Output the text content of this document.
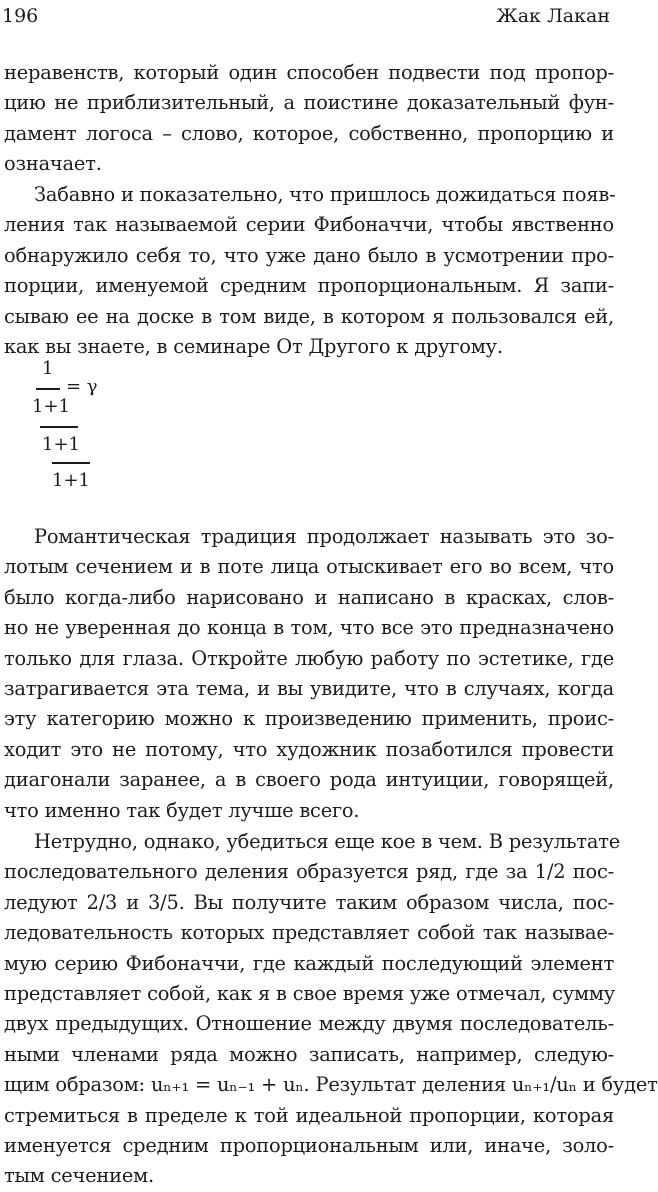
196	Жак Лакан
неравенств, который один способен подвести под пропор-
цию не приблизительный, а поистине доказательный фун-
дамент логоса – слово, которое, собственно, пропорцию и
означает.
Забавно и показательно, что пришлось дожидаться появ-
ления так называемой серии Фибоначчи, чтобы явственно
обнаружило себя то, что уже дано было в усмотрении про-
порции, именуемой средним пропорциональным. Я запи-
сываю ее на доске в том виде, в котором я пользовался ей,
как вы знаете, в семинаре От Другого к другому.
1
= γ
1+1
1+1
1+1
Романтическая традиция продолжает называть это зо-
лотым сечением и в поте лица отыскивает его во всем, что
было когда-либо нарисовано и написано в красках, слов-
но не уверенная до конца в том, что все это предназначено
только для глаза. Откройте любую работу по эстетике, где
затрагивается эта тема, и вы увидите, что в случаях, когда
эту категорию можно к произведению применить, проис-
ходит это не потому, что художник позаботился провести
диагонали заранее, а в своего рода интуиции, говорящей,
что именно так будет лучше всего.
Нетрудно, однако, убедиться еще кое в чем. В результате
последовательного деления образуется ряд, где за 1/2 пос-
ледуют 2/3 и 3/5. Вы получите таким образом числа, пос-
ледовательность которых представляет собой так называе-
мую серию Фибоначчи, где каждый последующий элемент
представляет собой, как я в свое время уже отмечал, сумму
двух предыдущих. Отношение между двумя последователь-
ными членами ряда можно записать, например, следую-
щим образом: uₙ₊₁ = uₙ₋₁ + uₙ. Результат деления uₙ₊₁/uₙ и будет
стремиться в пределе к той идеальной пропорции, которая
именуется средним пропорциональным или, иначе, золо-
тым сечением.
